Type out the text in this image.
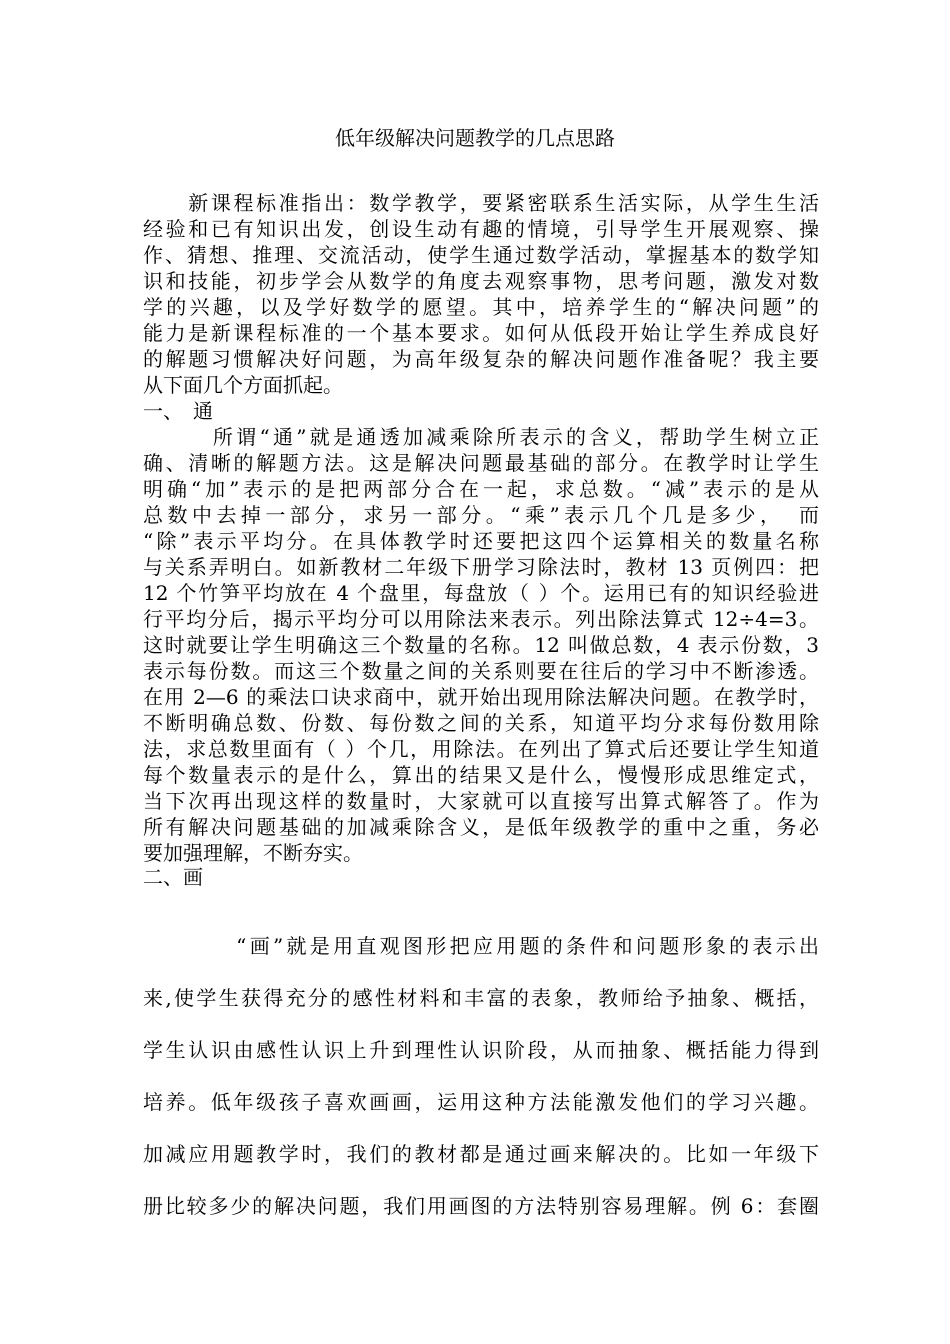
低年级解决问题教学的几点思路
　　新课程标准指出：数学教学，要紧密联系生活实际，从学生生活
经验和已有知识出发，创设生动有趣的情境，引导学生开展观察、操
作、猜想、推理、交流活动，使学生通过数学活动，掌握基本的数学知
识和技能，初步学会从数学的角度去观察事物，思考问题，激发对数
学的兴趣，以及学好数学的愿望。其中，培养学生的“解决问题”的
能力是新课程标准的一个基本要求。如何从低段开始让学生养成良好
的解题习惯解决好问题，为高年级复杂的解决问题作准备呢？我主要
从下面几个方面抓起。
一、　通
　　　所谓“通”就是通透加减乘除所表示的含义，帮助学生树立正
确、清晰的解题方法。这是解决问题最基础的部分。在教学时让学生
明确“加”表示的是把两部分合在一起，求总数。“减”表示的是从
总数中去掉一部分，求另一部分。“乘”表示几个几是多少，　而
“除”表示平均分。在具体教学时还要把这四个运算相关的数量名称
与关系弄明白。如新教材二年级下册学习除法时，教材 13 页例四：把
12 个竹笋平均放在 4 个盘里，每盘放（ ）个。运用已有的知识经验进
行平均分后，揭示平均分可以用除法来表示。列出除法算式 12÷4=3。
这时就要让学生明确这三个数量的名称。12 叫做总数，4 表示份数，3
表示每份数。而这三个数量之间的关系则要在往后的学习中不断渗透。
在用 2—6 的乘法口诀求商中，就开始出现用除法解决问题。在教学时，
不断明确总数、份数、每份数之间的关系，知道平均分求每份数用除
法，求总数里面有（ ）个几，用除法。在列出了算式后还要让学生知道
每个数量表示的是什么，算出的结果又是什么，慢慢形成思维定式，
当下次再出现这样的数量时，大家就可以直接写出算式解答了。作为
所有解决问题基础的加减乘除含义，是低年级教学的重中之重，务必
要加强理解，不断夯实。
二、画
　　　　“画”就是用直观图形把应用题的条件和问题形象的表示出
来,使学生获得充分的感性材料和丰富的表象，教师给予抽象、概括，
学生认识由感性认识上升到理性认识阶段，从而抽象、概括能力得到
培养。低年级孩子喜欢画画，运用这种方法能激发他们的学习兴趣。
加减应用题教学时，我们的教材都是通过画来解决的。比如一年级下
册比较多少的解决问题，我们用画图的方法特别容易理解。例 6：套圈
